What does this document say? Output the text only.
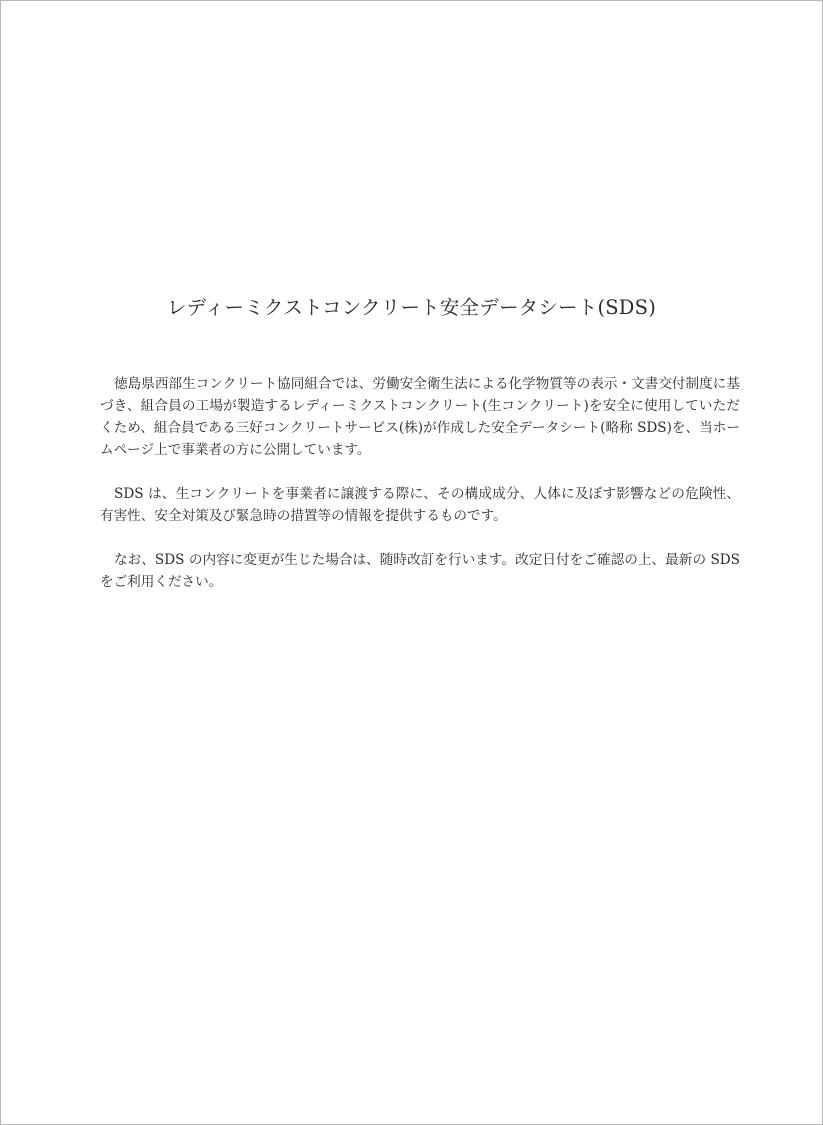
レディーミクストコンクリート安全データシート(SDS)

徳島県西部生コンクリート協同組合では、労働安全衛生法による化学物質等の表示・文書交付制度に基づき、組合員の工場が製造するレディーミクストコンクリート(生コンクリート)を安全に使用していただくため、組合員である三好コンクリートサービス(株)が作成した安全データシート(略称 SDS)を、当ホームページ上で事業者の方に公開しています。

SDS は、生コンクリートを事業者に譲渡する際に、その構成成分、人体に及ぼす影響などの危険性、有害性、安全対策及び緊急時の措置等の情報を提供するものです。

なお、SDS の内容に変更が生じた場合は、随時改訂を行います。改定日付をご確認の上、最新の SDS をご利用ください。
